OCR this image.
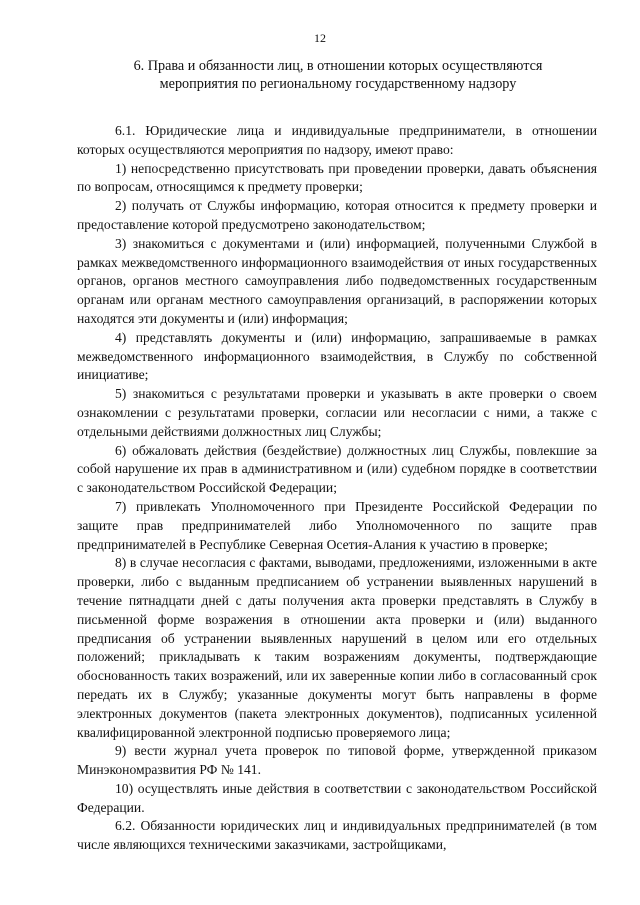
12
6. Права и обязанности лиц, в отношении которых осуществляются
мероприятия по региональному государственному надзору

6.1. Юридические лица и индивидуальные предприниматели, в отношении которых осуществляются мероприятия по надзору, имеют право:

1) непосредственно присутствовать при проведении проверки, давать объяснения по вопросам, относящимся к предмету проверки;

2) получать от Службы информацию, которая относится к предмету проверки и предоставление которой предусмотрено законодательством;

3) знакомиться с документами и (или) информацией, полученными Службой в рамках межведомственного информационного взаимодействия от иных государственных органов, органов местного самоуправления либо подведомственных государственным органам или органам местного самоуправления организаций, в распоряжении которых находятся эти документы и (или) информация;

4) представлять документы и (или) информацию, запрашиваемые в рамках межведомственного информационного взаимодействия, в Службу по собственной инициативе;

5) знакомиться с результатами проверки и указывать в акте проверки о своем ознакомлении с результатами проверки, согласии или несогласии с ними, а также с отдельными действиями должностных лиц Службы;

6) обжаловать действия (бездействие) должностных лиц Службы, повлекшие за собой нарушение их прав в административном и (или) судебном порядке в соответствии с законодательством Российской Федерации;

7) привлекать Уполномоченного при Президенте Российской Федерации по защите прав предпринимателей либо Уполномоченного по защите прав предпринимателей в Республике Северная Осетия-Алания к участию в проверке;

8) в случае несогласия с фактами, выводами, предложениями, изложенными в акте проверки, либо с выданным предписанием об устранении выявленных нарушений в течение пятнадцати дней с даты получения акта проверки представлять в Службу в письменной форме возражения в отношении акта проверки и (или) выданного предписания об устранении выявленных нарушений в целом или его отдельных положений; прикладывать к таким возражениям документы, подтверждающие обоснованность таких возражений, или их заверенные копии либо в согласованный срок передать их в Службу; указанные документы могут быть направлены в форме электронных документов (пакета электронных документов), подписанных усиленной квалифицированной электронной подписью проверяемого лица;

9) вести журнал учета проверок по типовой форме, утвержденной приказом Минэкономразвития РФ № 141.

10) осуществлять иные действия в соответствии с законодательством Российской Федерации.

6.2. Обязанности юридических лиц и индивидуальных предпринимателей (в том числе являющихся техническими заказчиками, застройщиками,
